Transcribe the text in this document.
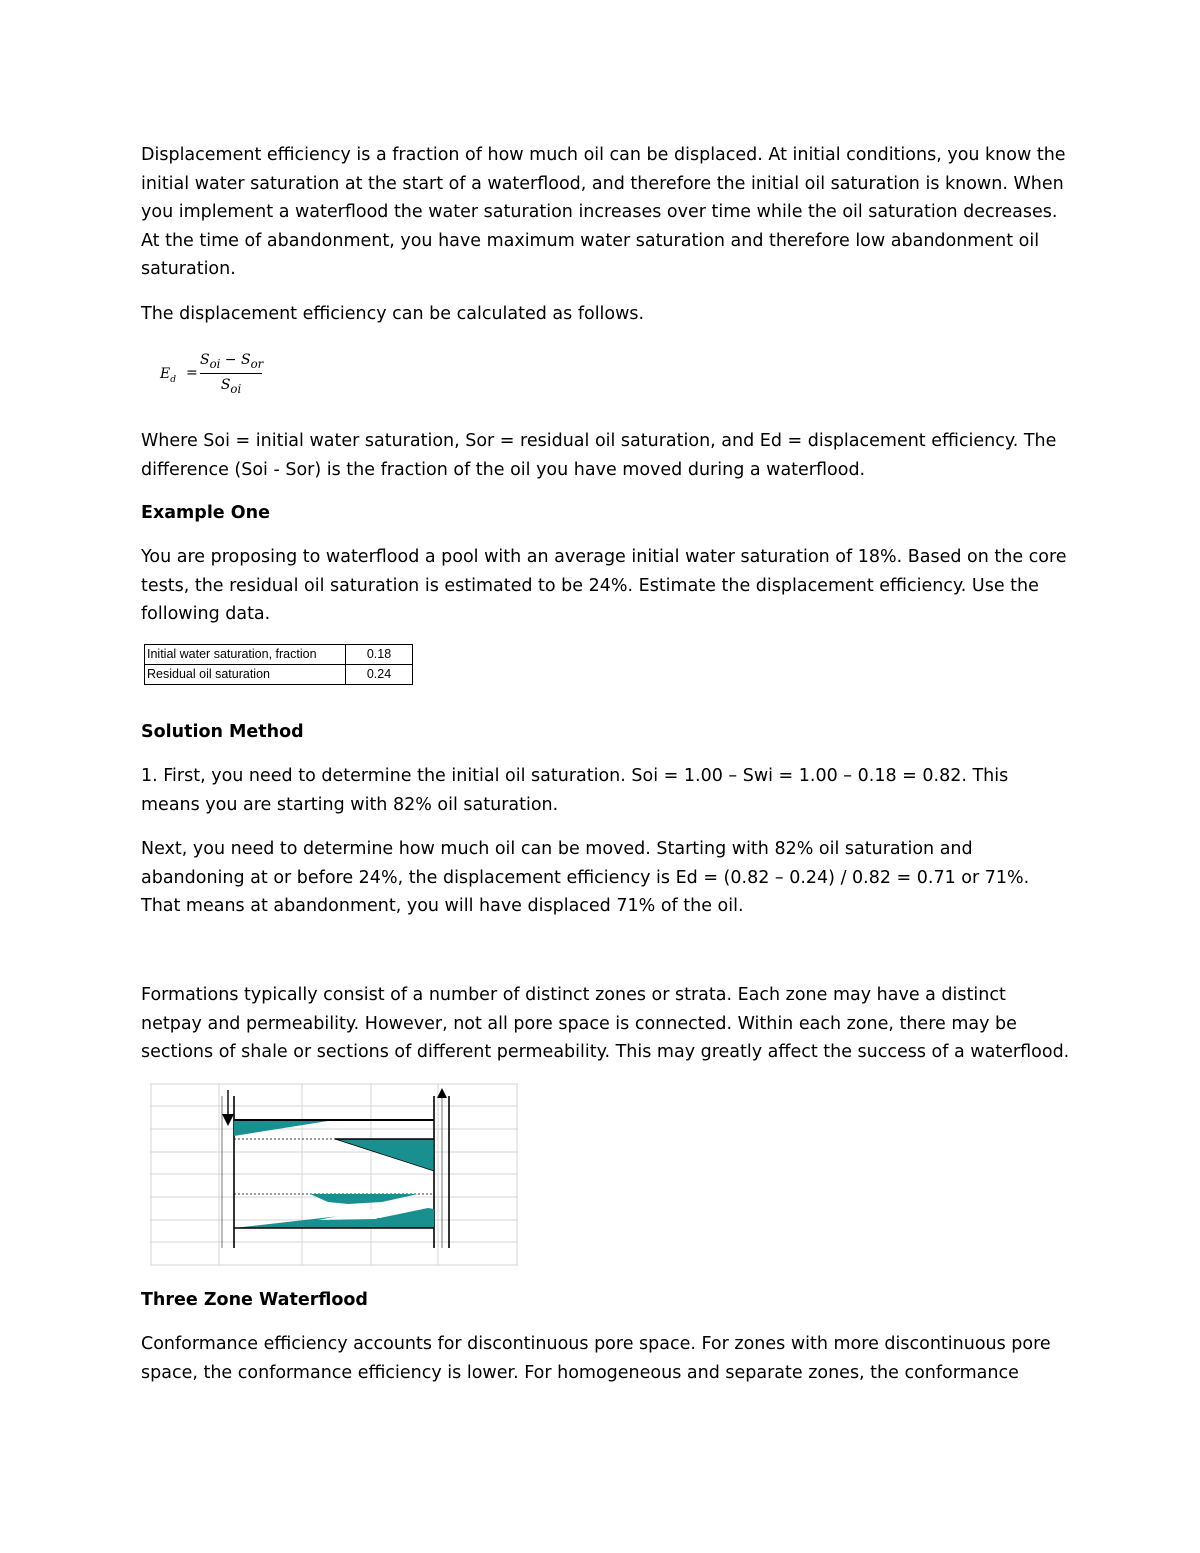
Displacement efficiency is a fraction of how much oil can be displaced. At initial conditions, you know the initial water saturation at the start of a waterflood, and therefore the initial oil saturation is known. When you implement a waterflood the water saturation increases over time while the oil saturation decreases. At the time of abandonment, you have maximum water saturation and therefore low abandonment oil saturation.

The displacement efficiency can be calculated as follows.

$E_d$ =
$S_{oi} - S_{or}$
$S_{oi}$

Where Soi = initial water saturation, Sor = residual oil saturation, and Ed = displacement efficiency. The difference (Soi - Sor) is the fraction of the oil you have moved during a waterflood.

Example One

You are proposing to waterflood a pool with an average initial water saturation of 18%. Based on the core tests, the residual oil saturation is estimated to be 24%. Estimate the displacement efficiency. Use the following data.

Initial water saturation, fraction	0.18
Residual oil saturation	0.24

Solution Method

1. First, you need to determine the initial oil saturation. Soi = 1.00 – Swi = 1.00 – 0.18 = 0.82. This means you are starting with 82% oil saturation.

Next, you need to determine how much oil can be moved. Starting with 82% oil saturation and abandoning at or before 24%, the displacement efficiency is Ed = (0.82 – 0.24) / 0.82 = 0.71 or 71%. That means at abandonment, you will have displaced 71% of the oil.

Formations typically consist of a number of distinct zones or strata. Each zone may have a distinct netpay and permeability. However, not all pore space is connected. Within each zone, there may be sections of shale or sections of different permeability. This may greatly affect the success of a waterflood.

Three Zone Waterflood

Conformance efficiency accounts for discontinuous pore space. For zones with more discontinuous pore space, the conformance efficiency is lower. For homogeneous and separate zones, the conformance
